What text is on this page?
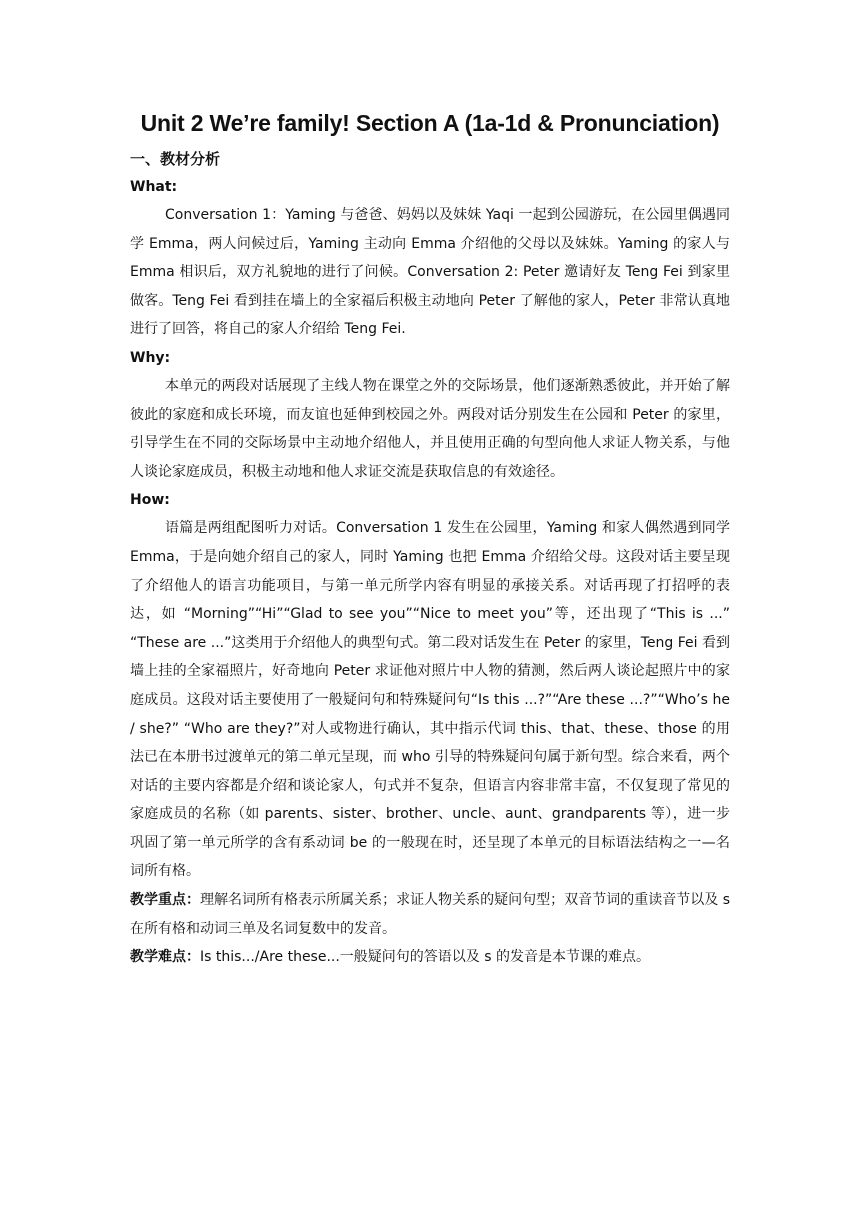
Unit 2 We’re family! Section A (1a-1d & Pronunciation)

一、教材分析

What:

Conversation 1：Yaming 与爸爸、妈妈以及妹妹 Yaqi 一起到公园游玩，在公园里偶遇同学 Emma，两人问候过后，Yaming 主动向 Emma 介绍他的父母以及妹妹。Yaming 的家人与 Emma 相识后，双方礼貌地的进行了问候。Conversation 2: Peter 邀请好友 Teng Fei 到家里做客。Teng Fei 看到挂在墙上的全家福后积极主动地向 Peter 了解他的家人，Peter 非常认真地进行了回答，将自己的家人介绍给 Teng Fei.

Why:

本单元的两段对话展现了主线人物在课堂之外的交际场景，他们逐渐熟悉彼此，并开始了解彼此的家庭和成长环境，而友谊也延伸到校园之外。两段对话分别发生在公园和 Peter 的家里，引导学生在不同的交际场景中主动地介绍他人，并且使用正确的句型向他人求证人物关系，与他人谈论家庭成员，积极主动地和他人求证交流是获取信息的有效途径。

How:

语篇是两组配图听力对话。Conversation 1 发生在公园里，Yaming 和家人偶然遇到同学 Emma，于是向她介绍自己的家人，同时 Yaming 也把 Emma 介绍给父母。这段对话主要呈现了介绍他人的语言功能项目，与第一单元所学内容有明显的承接关系。对话再现了打招呼的表达，如 “Morning”“Hi”“Glad to see you”“Nice to meet you”等，还出现了“This is ...” “These are ...”这类用于介绍他人的典型句式。第二段对话发生在 Peter 的家里，Teng Fei 看到墙上挂的全家福照片，好奇地向 Peter 求证他对照片中人物的猜测，然后两人谈论起照片中的家庭成员。这段对话主要使用了一般疑问句和特殊疑问句“Is this ...?”“Are these ...?”“Who’s he / she?” “Who are they?”对人或物进行确认，其中指示代词 this、that、these、those 的用法已在本册书过渡单元的第二单元呈现，而 who 引导的特殊疑问句属于新句型。综合来看，两个对话的主要内容都是介绍和谈论家人，句式并不复杂，但语言内容非常丰富，不仅复现了常见的家庭成员的名称（如 parents、sister、brother、uncle、aunt、grandparents 等），进一步巩固了第一单元所学的含有系动词 be 的一般现在时，还呈现了本单元的目标语法结构之一—名词所有格。

教学重点：理解名词所有格表示所属关系；求证人物关系的疑问句型；双音节词的重读音节以及 s 在所有格和动词三单及名词复数中的发音。

教学难点：Is this.../Are these...一般疑问句的答语以及 s 的发音是本节课的难点。
